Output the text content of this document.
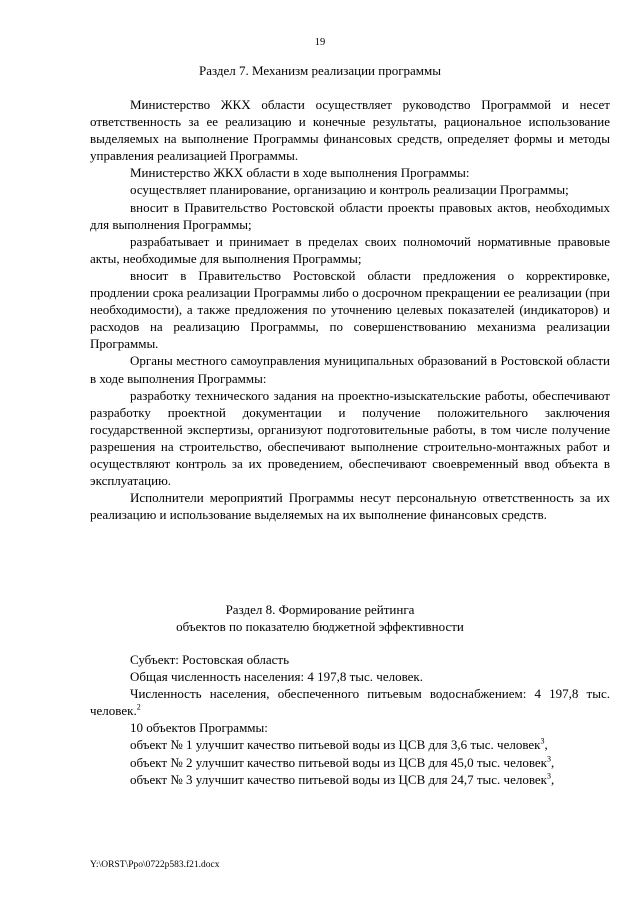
19
Раздел 7. Механизм реализации программы

Министерство ЖКХ области осуществляет руководство Программой и несет ответственность за ее реализацию и конечные результаты, рациональное использование выделяемых на выполнение Программы финансовых средств, определяет формы и методы управления реализацией Программы.

Министерство ЖКХ области в ходе выполнения Программы:

осуществляет планирование, организацию и контроль реализации Программы;

вносит в Правительство Ростовской области проекты правовых актов, необходимых для выполнения Программы;

разрабатывает и принимает в пределах своих полномочий нормативные правовые акты, необходимые для выполнения Программы;

вносит в Правительство Ростовской области предложения о корректировке, продлении срока реализации Программы либо о досрочном прекращении ее реализации (при необходимости), а также предложения по уточнению целевых показателей (индикаторов) и расходов на реализацию Программы, по совершенствованию механизма реализации Программы.

Органы местного самоуправления муниципальных образований в Ростовской области в ходе выполнения Программы:

разработку технического задания на проектно-изыскательские работы, обеспечивают разработку проектной документации и получение положительного заключения государственной экспертизы, организуют подготовительные работы, в том числе получение разрешения на строительство, обеспечивают выполнение строительно-монтажных работ и осуществляют контроль за их проведением, обеспечивают своевременный ввод объекта в эксплуатацию.

Исполнители мероприятий Программы несут персональную ответственность за их реализацию и использование выделяемых на их выполнение финансовых средств.

Раздел 8. Формирование рейтинга
объектов по показателю бюджетной эффективности

Субъект: Ростовская область

Общая численность населения: 4 197,8 тыс. человек.

Численность населения, обеспеченного питьевым водоснабжением: 4 197,8 тыс. человек.$^2$

10 объектов Программы:

объект № 1 улучшит качество питьевой воды из ЦСВ для 3,6 тыс. человек$^3$,

объект № 2 улучшит качество питьевой воды из ЦСВ для 45,0 тыс. человек$^3$,

объект № 3 улучшит качество питьевой воды из ЦСВ для 24,7 тыс. человек$^3$,

Y:\ORST\Ppo\0722p583.f21.docx
